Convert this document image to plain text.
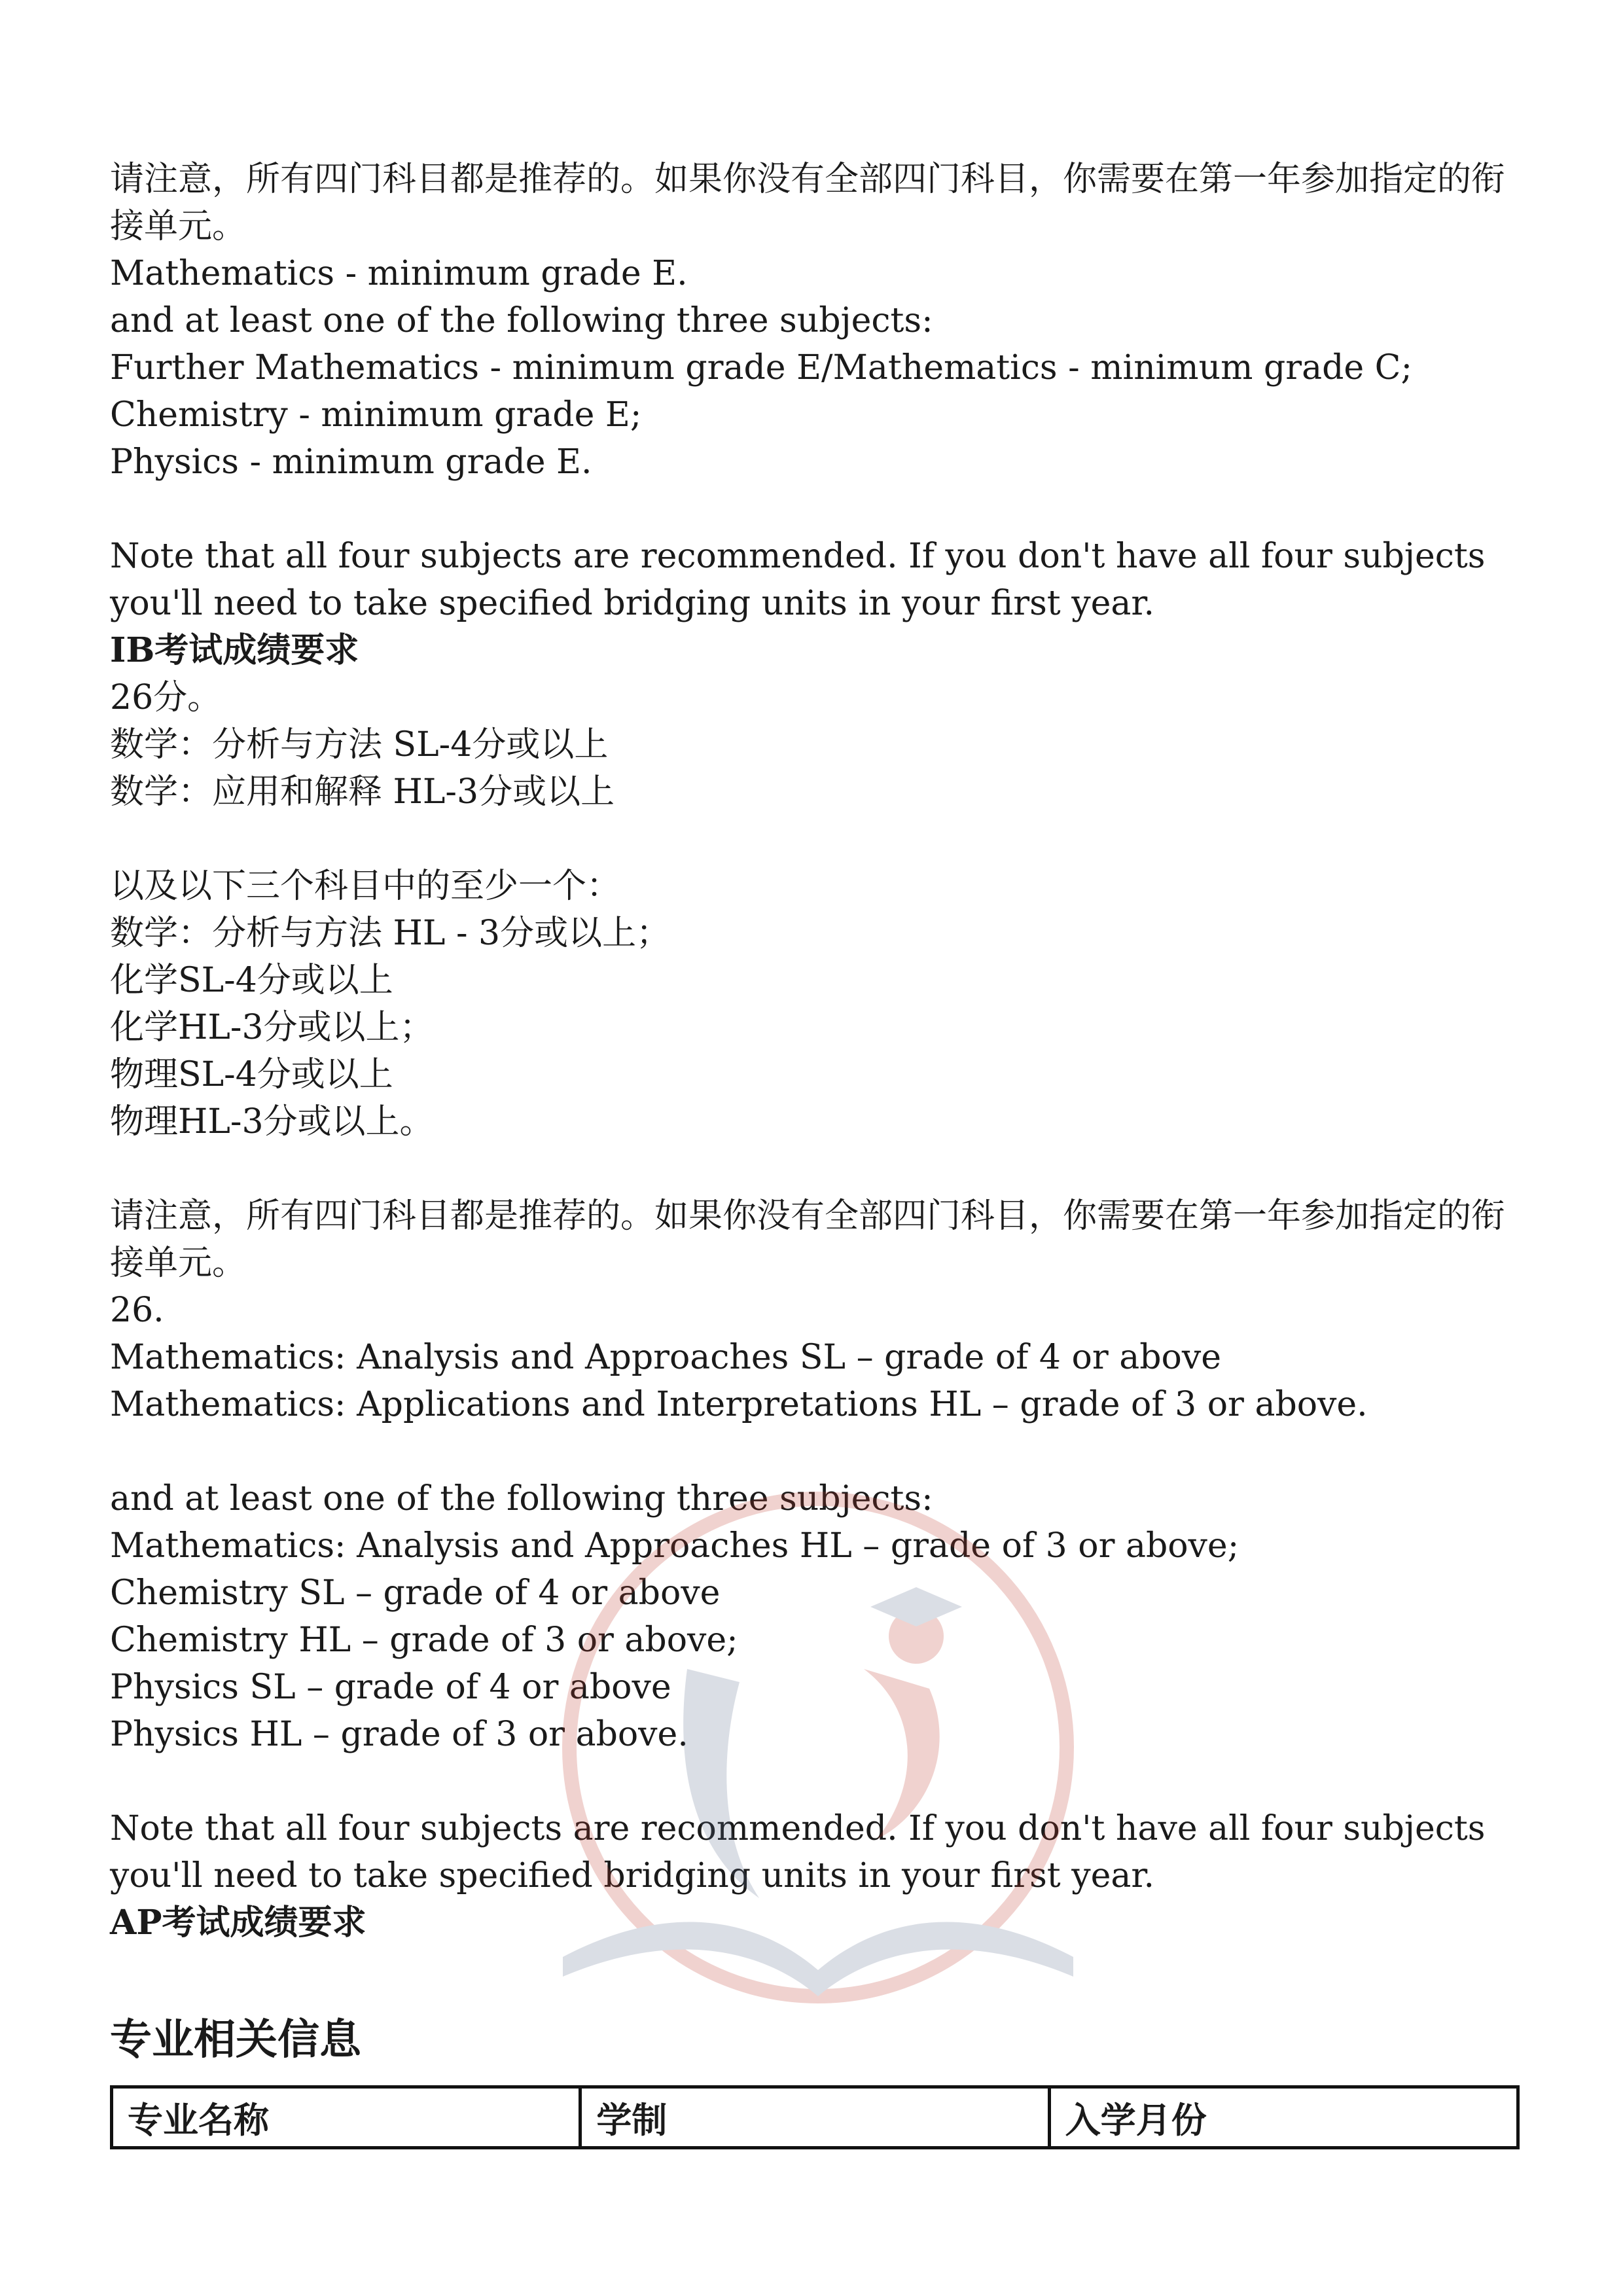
请注意，所有四门科目都是推荐的。如果你没有全部四门科目，你需要在第一年参加指定的衔接单元。
Mathematics - minimum grade E.
and at least one of the following three subjects:
Further Mathematics - minimum grade E/Mathematics - minimum grade C;
Chemistry - minimum grade E;
Physics - minimum grade E.
Note that all four subjects are recommended. If you don't have all four subjects you'll need to take specified bridging units in your first year.
IB考试成绩要求
26分。
数学：分析与方法 SL-4分或以上
数学：应用和解释 HL-3分或以上
以及以下三个科目中的至少一个：
数学：分析与方法 HL - 3分或以上；
化学SL-4分或以上
化学HL-3分或以上；
物理SL-4分或以上
物理HL-3分或以上。
请注意，所有四门科目都是推荐的。如果你没有全部四门科目，你需要在第一年参加指定的衔接单元。
26.
Mathematics: Analysis and Approaches SL – grade of 4 or above
Mathematics: Applications and Interpretations HL – grade of 3 or above.
and at least one of the following three subjects:
Mathematics: Analysis and Approaches HL – grade of 3 or above;
Chemistry SL – grade of 4 or above
Chemistry HL – grade of 3 or above;
Physics SL – grade of 4 or above
Physics HL – grade of 3 or above.
Note that all four subjects are recommended. If you don't have all four subjects you'll need to take specified bridging units in your first year.
AP考试成绩要求
专业相关信息
专业名称	学制	入学月份
